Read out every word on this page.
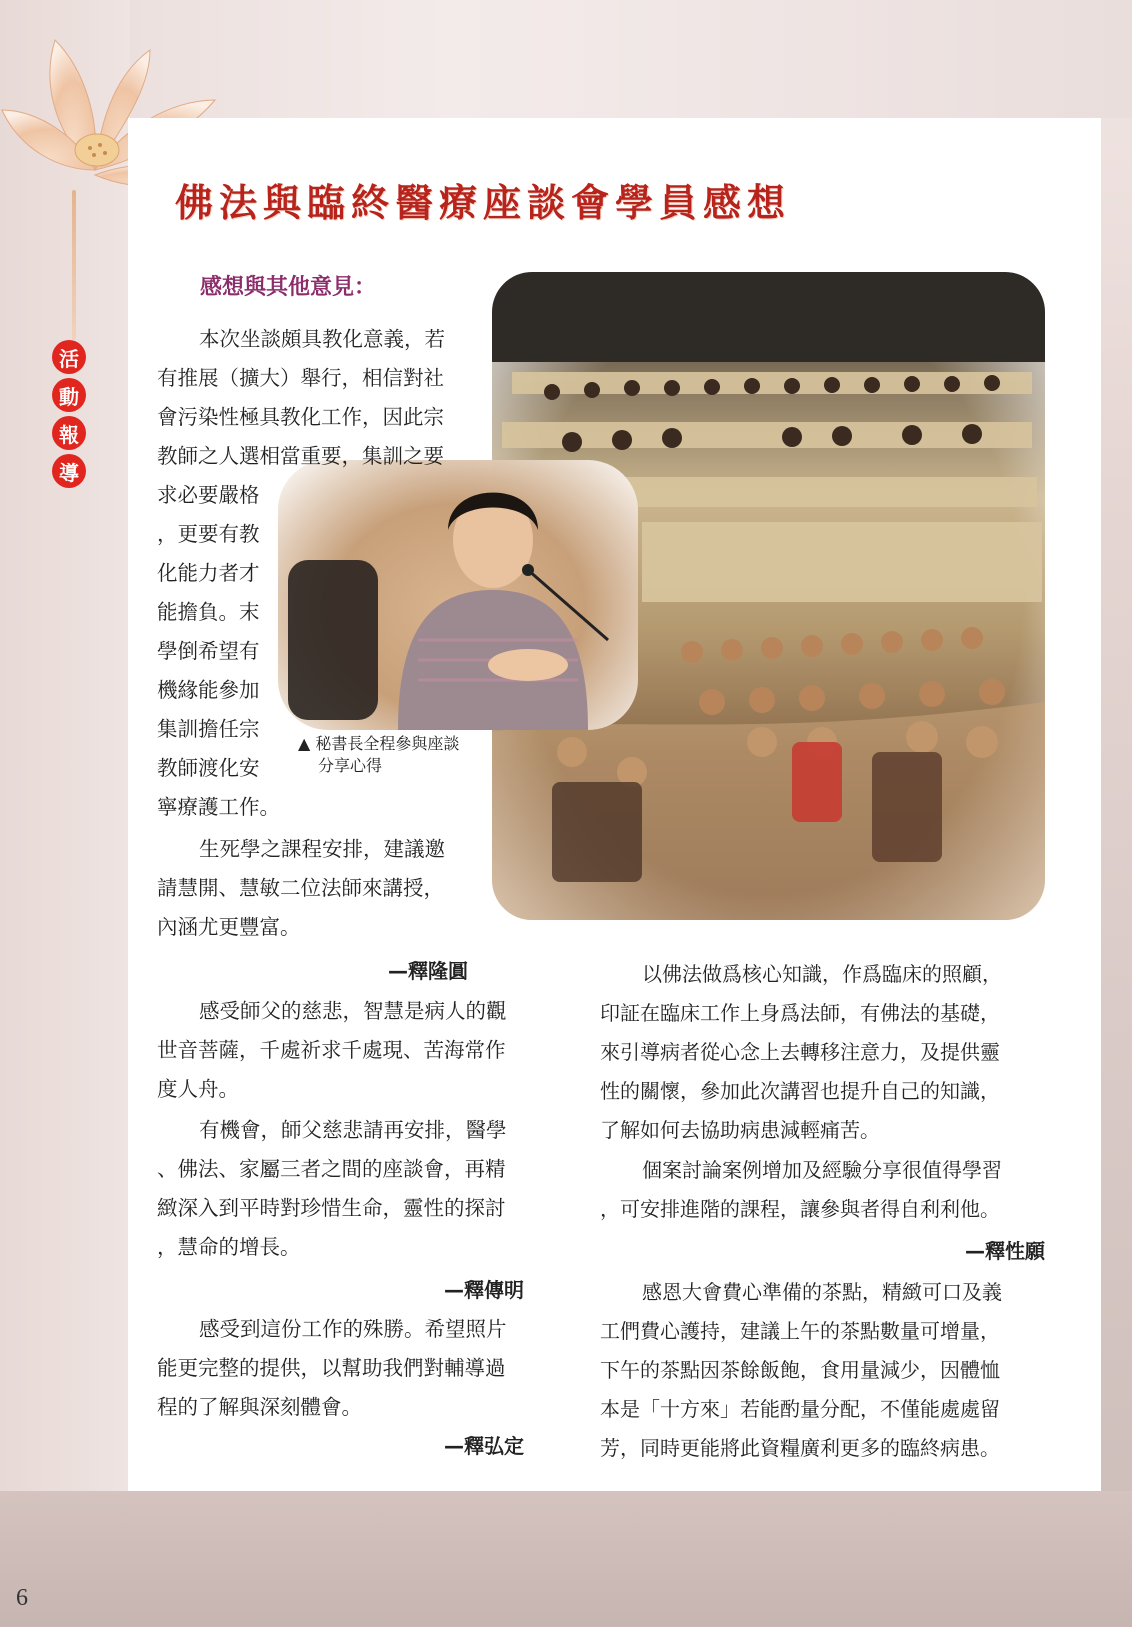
活
動
報
導
佛法與臨終醫療座談會學員感想
感想與其他意見：
▲ 秘書長全程參與座談
分享心得
本次坐談頗具教化意義，若
有推展（擴大）舉行，相信對社
會污染性極具教化工作，因此宗
教師之人選相當重要，集訓之要
求必要嚴格
，更要有教
化能力者才
能擔負。末
學倒希望有
機緣能參加
集訓擔任宗
教師渡化安
寧療護工作。
生死學之課程安排，建議邀
請慧開、慧敏二位法師來講授，
內涵尤更豐富。
—釋隆圓
感受師父的慈悲，智慧是病人的觀
世音菩薩，千處祈求千處現、苦海常作
度人舟。
有機會，師父慈悲請再安排，醫學
、佛法、家屬三者之間的座談會，再精
緻深入到平時對珍惜生命，靈性的探討
，慧命的增長。
—釋傳明
感受到這份工作的殊勝。希望照片
能更完整的提供，以幫助我們對輔導過
程的了解與深刻體會。
—釋弘定
以佛法做爲核心知識，作爲臨床的照顧，
印証在臨床工作上身爲法師，有佛法的基礎，
來引導病者從心念上去轉移注意力，及提供靈
性的關懷，參加此次講習也提升自己的知識，
了解如何去協助病患減輕痛苦。
個案討論案例增加及經驗分享很值得學習
，可安排進階的課程，讓參與者得自利利他。
—釋性願
感恩大會費心準備的茶點，精緻可口及義
工們費心護持，建議上午的茶點數量可增量，
下午的茶點因茶餘飯飽，食用量減少，因體恤
本是「十方來」若能酌量分配，不僅能處處留
芳，同時更能將此資糧廣利更多的臨終病患。
6
